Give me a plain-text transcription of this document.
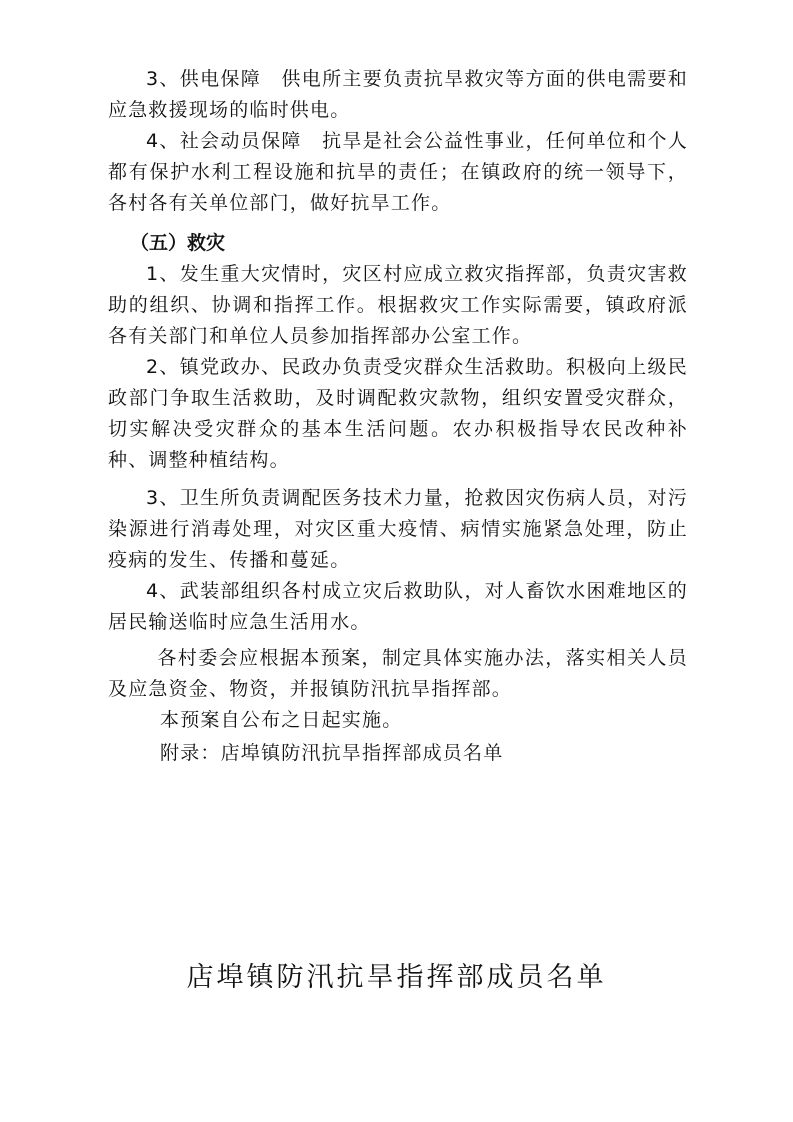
3、供电保障　供电所主要负责抗旱救灾等方面的供电需要和应急救援现场的临时供电。

4、社会动员保障　抗旱是社会公益性事业，任何单位和个人都有保护水利工程设施和抗旱的责任；在镇政府的统一领导下，各村各有关单位部门，做好抗旱工作。

（五）救灾

1、发生重大灾情时，灾区村应成立救灾指挥部，负责灾害救助的组织、协调和指挥工作。根据救灾工作实际需要，镇政府派各有关部门和单位人员参加指挥部办公室工作。

2、镇党政办、民政办负责受灾群众生活救助。积极向上级民政部门争取生活救助，及时调配救灾款物，组织安置受灾群众，切实解决受灾群众的基本生活问题。农办积极指导农民改种补种、调整种植结构。

3、卫生所负责调配医务技术力量，抢救因灾伤病人员，对污染源进行消毒处理，对灾区重大疫情、病情实施紧急处理，防止疫病的发生、传播和蔓延。

4、武装部组织各村成立灾后救助队，对人畜饮水困难地区的居民输送临时应急生活用水。

各村委会应根据本预案，制定具体实施办法，落实相关人员及应急资金、物资，并报镇防汛抗旱指挥部。

本预案自公布之日起实施。

附录：店埠镇防汛抗旱指挥部成员名单

店埠镇防汛抗旱指挥部成员名单
